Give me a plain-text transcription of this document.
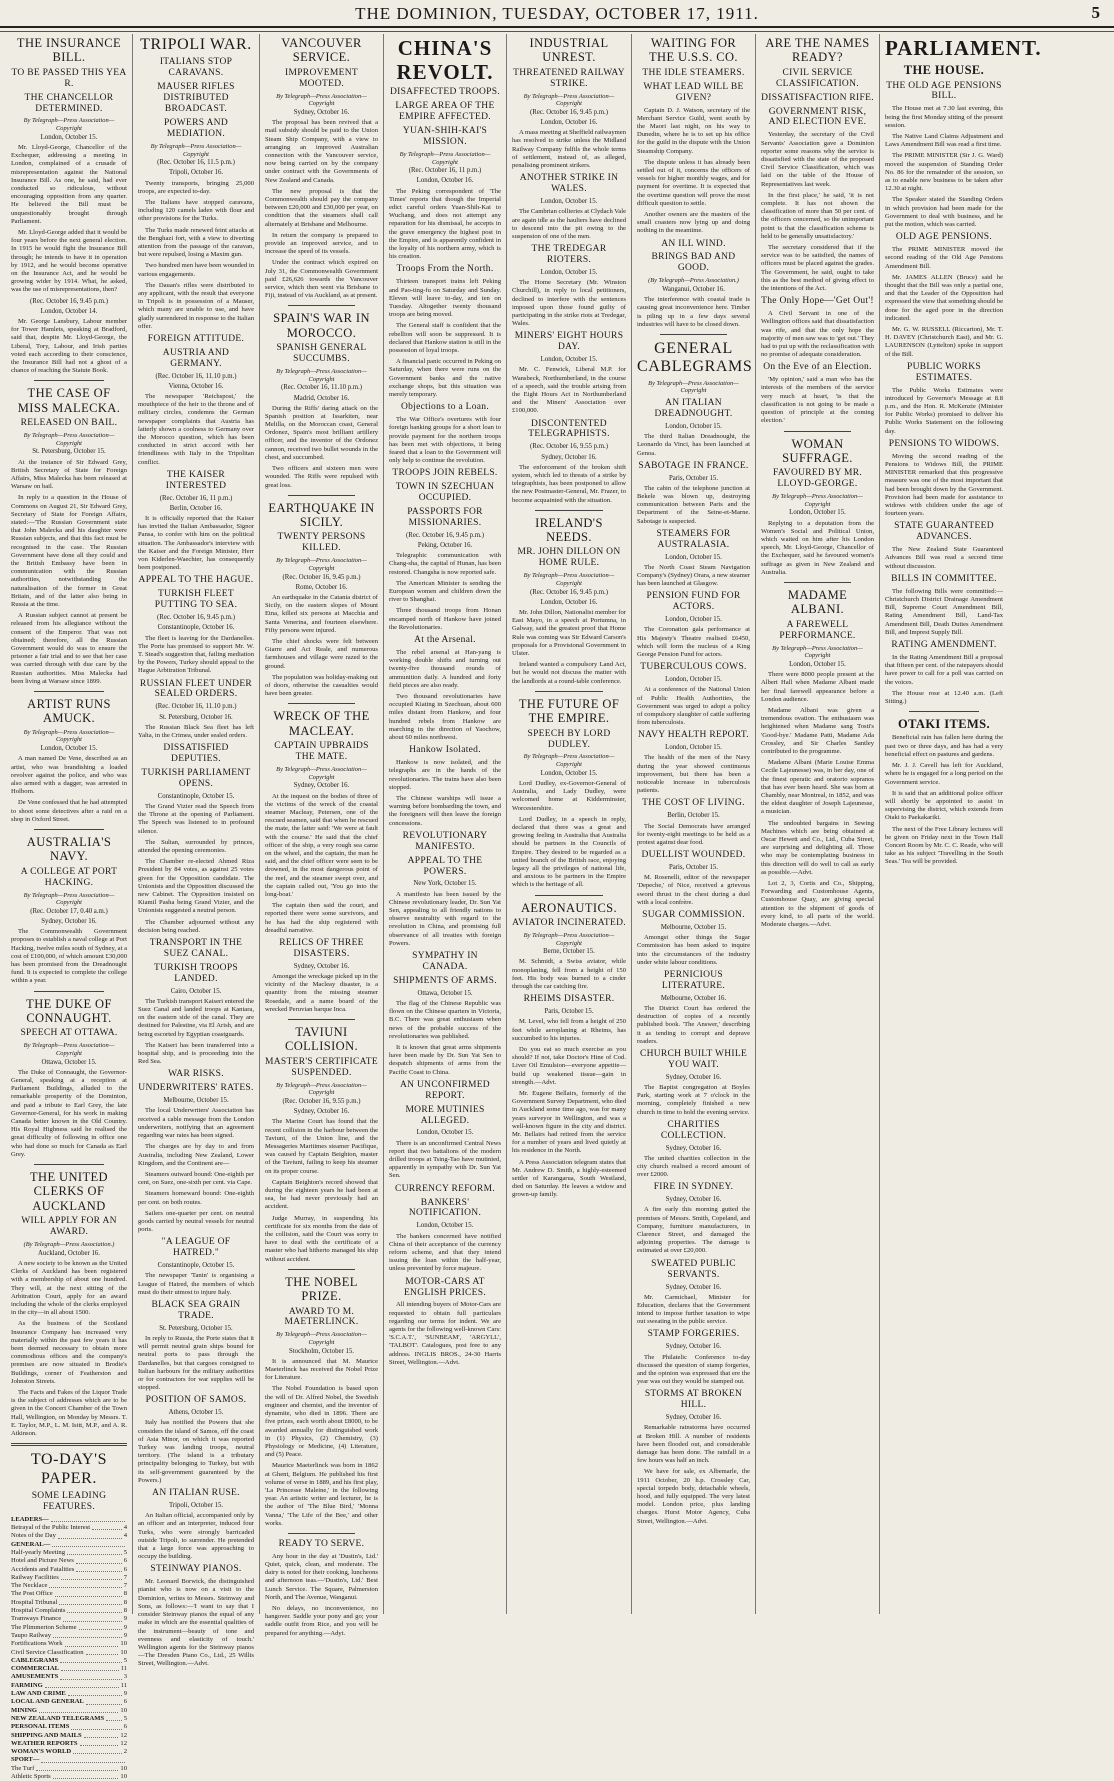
THE DOMINION, TUESDAY, OCTOBER 17, 1911.	5
THE INSURANCE BILL.
TO BE PASSED THIS YEA R.
THE CHANCELLOR DETERMINED.
By Telegraph—Press Association—Copyright
London, October 15.
Mr. Lloyd-George, Chancellor of the Exchequer, addressing a meeting in London, complained of a crusade of misrepresentation against the National Insurance Bill. As one, he said, had ever conducted so ridiculous, without encouraging opposition from any quarter. He believed the Bill must be unquestionably brought through Parliament.
Mr. Lloyd-George added that it would be four years before the next general election. In 1915 he would fight the Insurance Bill through; he intends to have it in operation by 1912, and he would become operative on the Insurance Act, and he would be growing wider by 1914. What, he asked, was the use of misrepresentations, then?
(Rec. October 16, 9.45 p.m.)
London, October 14.
Mr. George Lansbury, Labour member for Tower Hamlets, speaking at Bradford, said that, despite Mr. Lloyd-George, the Liberal, Tory, Labour, and Irish parties voted each according to their conscience, the Insurance Bill had not a ghost of a chance of reaching the Statute Book.
THE CASE OF MISS MALECKA.
RELEASED ON BAIL.
By Telegraph—Press Association—Copyright
St. Petersburg, October 15.
At the instance of Sir Edward Grey, British Secretary of State for Foreign Affairs, Miss Malecka has been released at Warsaw on bail.
In reply to a question in the House of Commons on August 21, Sir Edward Grey, Secretary of State for Foreign Affairs, stated:—'The Russian Government state that John Malecka and his daughter were Russian subjects, and that this fact must be recognised in the case. The Russian Government have done all they could and the British Embassy have been in communication with the Russian authorities, notwithstanding the naturalisation of the former in Great Britain, and of the latter also being in Russia at the time.
A Russian subject cannot at present be released from his allegiance without the consent of the Emperor. That was not obtained; therefore, all the Russian Government would do was to ensure the prisoner a fair trial and to see that her case was carried through with due care by the Russian authorities. Miss Malecka had been living at Warsaw since 1899.
ARTIST RUNS AMUCK.
By Telegraph—Press Association—Copyright
London, October 15.
A man named De Vene, described as an artist, who was brandishing a loaded revolver against the police, and who was also armed with a dagger, was arrested in Holborn.
De Vene confessed that he had attempted to shoot some detectives after a raid on a shop in Oxford Street.
AUSTRALIA'S NAVY.
A COLLEGE AT PORT HACKING.
By Telegraph—Press Association—Copyright
(Rec. October 17, 0.40 a.m.)
Sydney, October 16.
The Commonwealth Government proposes to establish a naval college at Port Hacking, twelve miles south of Sydney, at a cost of £100,000, of which amount £30,000 has been promised from the Dreadnought fund. It is expected to complete the college within a year.
THE DUKE OF CONNAUGHT.
SPEECH AT OTTAWA.
By Telegraph—Press Association—Copyright
Ottawa, October 15.
The Duke of Connaught, the Governor-General, speaking at a reception at Parliament Buildings, alluded to the remarkable prosperity of the Dominion, and paid a tribute to Earl Grey, the late Governor-General, for his work in making Canada better known in the Old Country. His Royal Highness said he realised the great difficulty of following in office one who had done so much for Canada as Earl Grey.
THE UNITED CLERKS OF AUCKLAND
WILL APPLY FOR AN AWARD.
(By Telegraph—Press Association.)
Auckland, October 16.
A new society to be known as the United Clerks of Auckland has been registered with a membership of about one hundred. They will, at the next sitting of the Arbitration Court, apply for an award including the whole of the clerks employed in the city—in all about 1500.
As the business of the Scotland Insurance Company has increased very materially within the past few years it has been deemed necessary to obtain more commodious offices and the company's premises are now situated in Brodie's Buildings, corner of Featherston and Johnston Streets.
The Facts and Fakes of the Liquor Trade is the subject of addresses which are to be given in the Concert Chamber of the Town Hall, Wellington, on Monday by Messrs. T. E. Taylor, M.P., L. M. Isitt, M.P., and A. R. Atkinson.
TO-DAY'S PAPER.
SOME LEADING FEATURES.
LEADERS—
Betrayal of the Public Interest	4
Notes of the Day	4
GENERAL—
Half-yearly Meeting	5
Hotel and Picture News	6
Accidents and Fatalities	6
Railway Facilities	7
The Necklace	7
The Post Office	8
Hospital Tribunal	8
Hospital Complaints	8
Tramways Finance	9
The Plimmerton Scheme	9
Taupo Railway	9
Fortifications Work	10
Civil Service Classification	10
CABLEGRAMS	5
COMMERCIAL	11
AMUSEMENTS	3
FARMING	11
LAW AND CRIME	9
LOCAL AND GENERAL	6
MINING	10
NEW ZEALAND TELEGRAMS	5
PERSONAL ITEMS	6
SHIPPING AND MAILS	12
WEATHER REPORTS	12
WOMAN'S WORLD	2
SPORT—
The Turf	10
Athletic Sports	10
TRIPOLI WAR.
ITALIANS STOP CARAVANS.
MAUSER RIFLES DISTRIBUTED BROADCAST.
POWERS AND MEDIATION.
By Telegraph—Press Association—Copyright
(Rec. October 16, 11.5 p.m.)
Tripoli, October 16.
Twenty transports, bringing 25,000 troops, are expected to-day.
The Italians have stopped caravans, including 120 camels laden with flour and other provisions for the Turks.
The Turks made renewed feint attacks at the Benghazi fort, with a view to diverting attention from the passage of the caravan, but were repulsed, losing a Maxim gun.
Two hundred men have been wounded in various engagements.
The Dauan's rifles were distributed to any applicant, with the result that everyone in Tripoli is in possession of a Mauser, which many are unable to use, and have gladly surrendered in response to the Italian offer.
FOREIGN ATTITUDE.
AUSTRIA AND GERMANY.
(Rec. October 16, 11.10 p.m.)
Vienna, October 16.
The newspaper 'Reichspost,' the mouthpiece of the heir to the throne and of military circles, condemns the German newspaper complaints that Austria has latterly shown a coolness to Germany over the Morocco question, which has been conducted in strict accord with her friendliness with Italy in the Tripolitan conflict.
THE KAISER INTERESTED
(Rec. October 16, 11 p.m.)
Berlin, October 16.
It is officially reported that the Kaiser has invited the Italian Ambassador, Signor Pansa, to confer with him on the political situation. The Ambassador's interview with the Kaiser and the Foreign Minister, Herr von Kiderlen-Waechter, has consequently been postponed.
APPEAL TO THE HAGUE.
TURKISH FLEET PUTTING TO SEA.
(Rec. October 16, 9.45 p.m.)
Constantinople, October 16.
The fleet is leaving for the Dardanelles. The Porte has promised to support Mr. W. T. Stead's suggestion that, failing mediation by the Powers, Turkey should appeal to the Hague Arbitration Tribunal.
RUSSIAN FLEET UNDER SEALED ORDERS.
(Rec. October 16, 11.10 p.m.)
St. Petersburg, October 16.
The Russian Black Sea fleet has left Yalta, in the Crimea, under sealed orders.
DISSATISFIED DEPUTIES.
TURKISH PARLIAMENT OPENS.
Constantinople, October 15.
The Grand Vizier read the Speech from the Throne at the opening of Parliament. The Speech was listened to in profound silence.
The Sultan, surrounded by princes, attended the opening ceremonies.
The Chamber re-elected Ahmed Riza President by 84 votes, as against 25 votes given for the Opposition candidate. The Unionists and the Opposition discussed the new Cabinet. The Opposition insisted on Kiamil Pasha being Grand Vizier, and the Unionists suggested a neutral person.
The Chamber adjourned without any decision being reached.
TRANSPORT IN THE SUEZ CANAL.
TURKISH TROOPS LANDED.
Cairo, October 15.
The Turkish transport Kaiseri entered the Suez Canal and landed troops at Kantara, on the eastern side of the canal. They are destined for Palestine, via El Arish, and are being escorted by Egyptian coastguards.
The Kaiseri has been transferred into a hospital ship, and is proceeding into the Red Sea.
WAR RISKS.
UNDERWRITERS' RATES.
Melbourne, October 15.
The local Underwriters' Association has received a cable message from the London underwriters, notifying that an agreement regarding war rates has been signed.
The charges are by day to and from Australia, including New Zealand, Lower Kingdom, and the Continent are—
Steamers outward bound: One-eighth per cent, on Suez, one-sixth per cent. via Cape.
Steamers homeward bound: One-eighth per cent. on both routes.
Sailers one-quarter per cent. on neutral goods carried by neutral vessels for neutral ports.
"A LEAGUE OF HATRED."
Constantinople, October 15.
The newspaper 'Tanin' is organising a League of Hatred, the members of which must do their utmost to injure Italy.
BLACK SEA GRAIN TRADE.
St. Petersburg, October 15.
In reply to Russia, the Porte states that it will permit neutral grain ships bound for neutral ports to pass through the Dardanelles, but that cargoes consigned to Italian harbours for the military authorities or for contractors for war supplies will be stopped.
POSITION OF SAMOS.
Athens, October 15.
Italy has notified the Powers that she considers the island of Samos, off the coast of Asia Minor, on which it was reported Turkey was landing troops, neutral territory. (The island is a tributary principality belonging to Turkey, but with its self-government guaranteed by the Powers.)
AN ITALIAN RUSE.
Tripoli, October 15.
An Italian official, accompanied only by an officer and an interpreter, induced four Turks, who were strongly barricaded outside Tripoli, to surrender. He pretended that a large force was approaching to occupy the building.
STEINWAY PIANOS.
Mr. Leonard Borwick, the distinguished pianist who is now on a visit to the Dominion, writes to Messrs. Steinway and Sons, as follows:—'I want to say that I consider Steinway pianos the equal of any make in which are the essential qualities of the instrument—beauty of tone and evenness and elasticity of touch.' Wellington agents for the Steinway pianos—The Dresden Piano Co., Ltd., 25 Willis Street, Wellington.—Advt.
VANCOUVER SERVICE.
IMPROVEMENT MOOTED.
By Telegraph—Press Association—Copyright
Sydney, October 16.
The proposal has been revived that a mail subsidy should be paid to the Union Steam Ship Company, with a view to arranging an improved Australian connection with the Vancouver service, now being carried on by the company under contract with the Governments of New Zealand and Canada.
The new proposal is that the Commonwealth should pay the company between £20,000 and £30,000 per year, on condition that the steamers shall call alternately at Brisbane and Melbourne.
In return the company is prepared to provide an improved service, and to increase the speed of its vessels.
Under the contract which expired on July 31, the Commonwealth Government paid £26,626 towards the Vancouver service, which then went via Brisbane to Fiji, instead of via Auckland, as at present.
SPAIN'S WAR IN MOROCCO.
SPANISH GENERAL SUCCUMBS.
By Telegraph—Press Association—Copyright
(Rec. October 16, 11.10 p.m.)
Madrid, October 16.
During the Riffs' daring attack on the Spanish position at Issarkiten, near Melilla, on the Moroccan coast, General Ordonez, Spain's most brilliant artillery officer, and the inventor of the Ordonez cannon, received two bullet wounds in the chest, and succumbed.
Two officers and sixteen men were wounded. The Riffs were repulsed with great loss.
EARTHQUAKE IN SICILY.
TWENTY PERSONS KILLED.
By Telegraph—Press Association—Copyright
(Rec. October 16, 9.45 p.m.)
Rome, October 16.
An earthquake in the Catania district of Sicily, on the eastern slopes of Mount Etna, killed six persons at Macchia and Santa Venerina, and fourteen elsewhere. Fifty persons were injured.
The chief shocks were felt between Giarre and Aci Reale, and numerous farmhouses and village were razed to the ground.
The population was holiday-making out of doors, otherwise the casualties would have been greater.
WRECK OF THE MACLEAY.
CAPTAIN UPBRAIDS THE MATE.
By Telegraph—Press Association—Copyright
Sydney, October 16.
At the inquest on the bodies of three of the victims of the wreck of the coastal steamer Macleay, Petersen, one of the rescued seamen, said that when he rescued the mate, the latter said: 'We were at fault with the course.' He said that the chief officer of the ship, a very rough sea came on the wheel, and the captain, the man he said, and the chief officer were seen to be drowned, in the most dangerous point of the reef, and the steamer swept over, and the captain called out, 'You go into the long-boat.'
The captain then said the court, and reported there were some survivors, and he has had the ship registered with dreadful narrative.
RELICS OF THREE DISASTERS.
Sydney, October 16.
Amongst the wreckage picked up in the vicinity of the Macleay disaster, is a quantity from the missing steamer Rosedale, and a name board of the wrecked Peruvian barque Inca.
TAVIUNI COLLISION.
MASTER'S CERTIFICATE SUSPENDED.
By Telegraph—Press Association—Copyright
(Rec. October 16, 9.55 p.m.)
Sydney, October 16.
The Marine Court has found that the recent collision in the harbour between the Taviuni, of the Union line, and the Messageries Maritimes steamer Pacifique, was caused by Captain Beighton, master of the Taviuni, failing to keep his steamer on its proper course.
Captain Beighton's record showed that during the eighteen years he had been at sea, he had never previously had an accident.
Judge Murray, in suspending his certificate for six months from the date of the collision, said the Court was sorry to have to deal with the certificate of a master who had hitherto managed his ship without accident.
THE NOBEL PRIZE.
AWARD TO M. MAETERLINCK.
By Telegraph—Press Association—Copyright
Stockholm, October 15.
It is announced that M. Maurice Maeterlinck has received the Nobel Prize for Literature.
The Nobel Foundation is based upon the will of Dr. Alfred Nobel, the Swedish engineer and chemist, and the inventor of dynamite, who died in 1896. There are five prizes, each worth about £8000, to be awarded annually for distinguished work in (1) Physics, (2) Chemistry, (3) Physiology or Medicine, (4) Literature, and (5) Peace.
Maurice Maeterlinck was born in 1862 at Ghent, Belgium. He published his first volume of verse in 1889, and his first play, 'La Princesse Maleine,' in the following year. An artistic writer and lecturer, he is the author of 'The Blue Bird,' 'Monna Vanna,' 'The Life of the Bee,' and other works.
READY TO SERVE.
Any hour in the day at 'Dustin's, Ltd.' Quiet, quick, clean, and moderate. The dairy is noted for their cooking, luncheons and afternoon teas.—'Dustin's, Ltd.' Best Lunch Service. The Square, Palmerston North, and The Avenue, Wanganui.
No delays, no inconvenience, no hangover. Saddle your pony and go; your saddle outfit from Rice, and you will be prepared for anything.—Adyt.
CHINA'S REVOLT.
DISAFFECTED TROOPS.
LARGE AREA OF THE EMPIRE AFFECTED.
YUAN-SHIH-KAI'S MISSION.
By Telegraph—Press Association—Copyright
(Rec. October 16, 11 p.m.)
London, October 16.
The Peking correspondent of 'The Times' reports that though the Imperial edict careful orders Yuan-Shih-Kai to Wuchang, and does not attempt any reparation for his dismissal, he accepts in the grave emergency the highest post in the Empire, and is apparently confident in the loyalty of his northern army, which is his creation.
Troops From the North.
Thirteen transport trains left Peking and Pao-ting-fu on Saturday and Sunday. Eleven will leave to-day, and ten on Tuesday. Altogether twenty thousand troops are being moved.
The General staff is confident that the rebellion will soon be suppressed. It is declared that Hankow station is still in the possession of loyal troops.
A financial panic occurred in Peking on Saturday, when there were runs on the Government banks and the native exchange shops, but this situation was merely temporary.
Objections to a Loan.
The War Office's overtures with four foreign banking groups for a short loan to provide payment for the northern troops has been met with objections, it being feared that a loan to the Government will only help to continue the revolution.
TROOPS JOIN REBELS.
TOWN IN SZECHUAN OCCUPIED.
PASSPORTS FOR MISSIONARIES.
(Rec. October 16, 9.45 p.m.)
Peking, October 16.
Telegraphic communication with Chang-sha, the capital of Hunan, has been restored. Changsha is now reported safe.
The American Minister is sending the European women and children down the river to Shanghai.
Three thousand troops from Honan encamped north of Hankow have joined the Revolutionaries.
At the Arsenal.
The rebel arsenal at Han-yang is working double shifts and turning out twenty-five thousand rounds of ammunition daily. A hundred and forty field pieces are also ready.
Two thousand revolutionaries have occupied Kiating in Szechuan, about 600 miles distant from Hankow, and four hundred rebels from Hankow are marching in the direction of Yaochow, about 60 miles northwest.
Hankow Isolated.
Hankow is now isolated, and the telegraphs are in the hands of the revolutionaries. The trains have also been stopped.
The Chinese warships will issue a warning before bombarding the town, and the foreigners will then leave the foreign concessions.
REVOLUTIONARY MANIFESTO.
APPEAL TO THE POWERS.
New York, October 15.
A manifesto has been issued by the Chinese revolutionary leader, Dr. Sun Yat Sen, appealing to all friendly nations to observe neutrality with regard to the revolution in China, and promising full observance of all treaties with foreign Powers.
SYMPATHY IN CANADA.
SHIPMENTS OF ARMS.
Ottawa, October 15.
The flag of the Chinese Republic was flown on the Chinese quarters in Victoria, B.C. There was great enthusiasm when news of the probable success of the revolutionaries was published.
It is known that great arms shipments have been made by Dr. Sun Yat Sen to despatch shipments of arms from the Pacific Coast to China.
AN UNCONFIRMED REPORT.
MORE MUTINIES ALLEGED.
London, October 15.
There is an unconfirmed Central News report that two battalions of the modern drilled troops at Tsing-Tao have mutinied, apparently in sympathy with Dr. Sun Yat Sen.
CURRENCY REFORM.
BANKERS' NOTIFICATION.
London, October 15.
The bankers concerned have notified China of their acceptance of the currency reform scheme, and that they intend issuing the loan within the half-year, unless prevented by force majeure.
MOTOR-CARS AT ENGLISH PRICES.
All intending buyers of Motor-Cars are requested to obtain full particulars regarding our terms for indent. We are agents for the following well-known Cars: 'S.C.A.T.', 'SUNBEAM', 'ARGYLL', 'TALBOT'. Catalogues, post free to any address. INGLIS BROS., 24-30 Harris Street, Wellington.—Advt.
INDUSTRIAL UNREST.
THREATENED RAILWAY STRIKE.
By Telegraph—Press Association—Copyright
(Rec. October 16, 9.45 p.m.)
London, October 16.
A mass meeting at Sheffield railwaymen has resolved to strike unless the Midland Railway Company fulfils the whole terms of settlement, instead of, as alleged, penalising prominent strikers.
ANOTHER STRIKE IN WALES.
London, October 15.
The Cambrian collieries at Clydach Vale are again idle as the hauliers have declined to descend into the pit owing to the suspension of one of the men.
THE TREDEGAR RIOTERS.
London, October 15.
The Home Secretary (Mr. Winston Churchill), in reply to local petitioners, declined to interfere with the sentences imposed upon those found guilty of participating in the strike riots at Tredegar, Wales.
MINERS' EIGHT HOURS DAY.
London, October 15.
Mr. C. Fenwick, Liberal M.P. for Wansbeck, Northumberland, in the course of a speech, said the trouble arising from the Eight Hours Act in Northumberland and the Miners' Association over £100,000.
DISCONTENTED TELEGRAPHISTS.
(Rec. October 16, 9.55 p.m.)
Sydney, October 16.
The enforcement of the broken shift system, which led to threats of a strike by telegraphists, has been postponed to allow the new Postmaster-General, Mr. Frazer, to become acquainted with the situation.
IRELAND'S NEEDS.
MR. JOHN DILLON ON HOME RULE.
By Telegraph—Press Association—Copyright
(Rec. October 16, 9.45 p.m.)
London, October 16.
Mr. John Dillon, Nationalist member for East Mayo, in a speech at Portumna, in Galway, said the greatest proof that Home Rule was coming was Sir Edward Carson's proposals for a Provisional Government in Ulster.
Ireland wanted a compulsory Land Act, but he would not discuss the matter with the landlords at a round-table conference.
THE FUTURE OF THE EMPIRE.
SPEECH BY LORD DUDLEY.
By Telegraph—Press Association—Copyright
London, October 15.
Lord Dudley, ex-Governor-General of Australia, and Lady Dudley, were welcomed home at Kidderminster, Worcestershire.
Lord Dudley, in a speech in reply, declared that there was a great and growing feeling in Australia that Australia should be partners in the Councils of Empire. They desired to be regarded as a united branch of the British race, enjoying legacy all the privileges of national life, and anxious to be partners in the Empire which is the heritage of all.
AERONAUTICS.
AVIATOR INCINERATED.
By Telegraph—Press Association—Copyright
Berne, October 15.
M. Schmidt, a Swiss aviator, while monoplaning, fell from a height of 150 feet. His body was burned to a cinder through the car catching fire.
RHEIMS DISASTER.
Paris, October 15.
M. Level, who fell from a height of 250 feet while aeroplaning at Rheims, has succumbed to his injuries.
Do you eat so much exercise as you should? If not, take Doctor's Hine of Cod. Liver Oil Emulsion—everyone appetite—build up weakened tissue—gain in strength.—Advt.
Mr. Eugene Bellairs, formerly of the Government Survey Department, who died in Auckland some time ago, was for many years surveyor in Wellington, and was a well-known figure in the city and district. Mr. Bellairs had retired from the service for a number of years and lived quietly at his residence in the North.
A Press Association telegram states that Mr. Andrew D. Smith, a highly-esteemed settler of Karangarua, South Westland, died on Saturday. He leaves a widow and grown-up family.
WAITING FOR THE U.S.S. CO.
THE IDLE STEAMERS.
WHAT LEAD WILL BE GIVEN?
Captain D. J. Watson, secretary of the Merchant Service Guild, went south by the Maori last night, on his way to Dunedin, where he is to set up his office for the guild in the dispute with the Union Steamship Company.
The dispute unless it has already been settled out of it, concerns the officers of vessels for higher monthly wages, and for payment for overtime. It is expected that the overtime question will prove the most difficult question to settle.
Another owners are the masters of the small coasters now lying up and doing nothing in the meantime.
AN ILL WIND.
BRINGS BAD AND GOOD.
(By Telegraph—Press Association.)
Wanganui, October 16.
The interference with coastal trade is causing great inconvenience here. Timber is piling up in a few days several industries will have to be closed down.
GENERAL CABLEGRAMS
By Telegraph—Press Association—Copyright
AN ITALIAN DREADNOUGHT.
London, October 15.
The third Italian Dreadnought, the Leonardo da Vinci, has been launched at Genoa.
SABOTAGE IN FRANCE.
Paris, October 15.
The cabin of the telephone junction at Bekele was blown up, destroying communication between Paris and the Department of the Seine-et-Marne. Sabotage is suspected.
STEAMERS FOR AUSTRALASIA.
London, October 15.
The North Coast Steam Navigation Company's (Sydney) Orara, a new steamer has been launched at Glasgow.
PENSION FUND FOR ACTORS.
London, October 15.
The Coronation gala performance at His Majesty's Theatre realised £6450, which will form the nucleus of a King George Pension Fund for actors.
TUBERCULOUS COWS.
London, October 15.
At a conference of the National Union of Public Health Authorities, the Government was urged to adopt a policy of compulsory slaughter of cattle suffering from tuberculosis.
NAVY HEALTH REPORT.
London, October 15.
The health of the men of the Navy during the year showed continuous improvement, but there has been a noticeable increase in tuberculosis patients.
THE COST OF LIVING.
Berlin, October 15.
The Social Democrats have arranged for twenty-eight meetings to be held as a protest against dear food.
DUELLIST WOUNDED.
Paris, October 15.
M. Rosenelli, editor of the newspaper 'Depeche,' of Nice, received a grievous sword thrust in the chest during a duel with a local confrère.
SUGAR COMMISSION.
Melbourne, October 15.
Amongst other things the Sugar Commission has been asked to inquire into the circumstances of the industry under white labour conditions.
PERNICIOUS LITERATURE.
Melbourne, October 16.
The District Court has ordered the destruction of copies of a recently published book. 'The Answer,' describing it as tending to corrupt and deprave readers.
CHURCH BUILT WHILE YOU WAIT.
Sydney, October 16.
The Baptist congregation at Boyles Park, starting work at 7 o'clock in the morning, completely finished a new church in time to hold the evening service.
CHARITIES COLLECTION.
Sydney, October 16.
The united charities collection in the city church realised a record amount of over £2000.
FIRE IN SYDNEY.
Sydney, October 16.
A fire early this morning gutted the premises of Messrs. Smith, Copeland, and Company, furniture manufacturers, in Clarence Street, and damaged the adjoining properties. The damage is estimated at over £20,000.
SWEATED PUBLIC SERVANTS.
Sydney, October 16.
Mr. Carmichael, Minister for Education, declares that the Government intend to impose further taxation to wipe out sweating in the public service.
STAMP FORGERIES.
Sydney, October 16.
The Philatelic Conference to-day discussed the question of stamp forgeries, and the opinion was expressed that ere the year was out they would be stamped out.
STORMS AT BROKEN HILL.
Sydney, October 16.
Remarkable rainstorms have occurred at Broken Hill. A number of residents have been flooded out, and considerable damage has been done. The rainfall in a few hours was half an inch.
We have for sale, ex Albemarle, the 1911 October, 20 h.p. Crossley Car, special torpedo body, detachable wheels, hood, and fully equipped. The very latest model. London price, plus landing charges. Hurst Motor Agency, Cuba Street, Wellington.—Advt.
ARE THE NAMES READY?
CIVIL SERVICE CLASSIFICATION.
DISSATISFACTION RIFE.
GOVERNMENT RISK, AND ELECTION EVE.
Yesterday, the secretary of the Civil Servants' Association gave a Dominion reporter some reasons why the service is dissatisfied with the state of the proposed Civil Service Classification, which was laid on the table of the House of Representatives last week.
In the first place,' he said, 'it is not complete. It has not shown the classification of more than 50 per cent. of the officers concerned, so the unimportant point is that the classification scheme is held to be generally unsatisfactory.'
The secretary considered that if the service was to be satisfied, the names of officers must be placed against the grades. The Government, he said, ought to take this as the best method of giving effect to the intentions of the Act.
The Only Hope—'Get Out'!
A Civil Servant in one of the Wellington offices said that dissatisfaction was rife, and that the only hope the majority of men saw was to 'get out.' They had to put up with the reclassification with no promise of adequate consideration.
On the Eve of an Election.
'My opinion,' said a man who has the interests of the members of the service very much at heart, 'is that the classification is not going to be made a question of principle at the coming election.'
WOMAN SUFFRAGE.
FAVOURED BY MR. LLOYD-GEORGE.
By Telegraph—Press Association—Copyright
London, October 15.
Replying to a deputation from the Women's Social and Political Union, which waited on him after his London speech, Mr. Lloyd-George, Chancellor of the Exchequer, said he favoured women's suffrage as given in New Zealand and Australia.
MADAME ALBANI.
A FAREWELL PERFORMANCE.
By Telegraph—Press Association—Copyright
London, October 15.
There were 8000 people present at the Albert Hall when Madame Albani made her final farewell appearance before a London audience.
Madame Albani was given a tremendous ovation. The enthusiasm was heightened when Madame sang Tosti's 'Good-bye.' Madame Patti, Madame Ada Crossley, and Sir Charles Santley contributed to the programme.
Madame Albani (Marie Louise Emma Cecile Lajeunesse) was, in her day, one of the finest operatic and oratorio sopranos that has ever been heard. She was born at Chambly, near Montreal, in 1852, and was the eldest daughter of Joseph Lajeunesse, a musician.
The undoubted bargains in Sewing Machines which are being obtained at Oscar Hewett and Co., Ltd., Cuba Street, are surprising and delighting all. Those who may be contemplating business in this direction will do well to call as early as possible.—Advt.
Lot 2, 3, Cortis and Co., Shipping, Forwarding and Customhouse Agents, Customhouse Quay, are giving special attention to the shipment of goods of every kind, to all parts of the world. Moderate charges.—Advt.
PARLIAMENT.
THE HOUSE.
THE OLD AGE PENSIONS BILL.
The House met at 7.30 last evening, this being the first Monday sitting of the present session.
The Native Land Claims Adjustment and Laws Amendment Bill was read a first time.
The PRIME MINISTER (Sir J. G. Ward) moved the suspension of Standing Order No. 86 for the remainder of the session, so as to enable new business to be taken after 12.30 at night.
The Speaker stated the Standing Orders in which provision had been made for the Government to deal with business, and he put the motion, which was carried.
OLD AGE PENSIONS.
The PRIME MINISTER moved the second reading of the Old Age Pensions Amendment Bill.
Mr. JAMES ALLEN (Bruce) said he thought that the Bill was only a partial one, and that the Leader of the Opposition had expressed the view that something should be done for the aged poor in the direction indicated.
Mr. G. W. RUSSELL (Riccarton), Mr. T. H. DAVEY (Christchurch East), and Mr. G. LAURENSON (Lyttelton) spoke in support of the Bill.
PUBLIC WORKS ESTIMATES.
The Public Works Estimates were introduced by Governor's Message at 8.8 p.m., and the Hon. R. McKenzie (Minister for Public Works) promised to deliver his Public Works Statement on the following day.
PENSIONS TO WIDOWS.
Moving the second reading of the Pensions to Widows Bill, the PRIME MINISTER remarked that this progressive measure was one of the most important that had been brought down by the Government. Provision had been made for assistance to widows with children under the age of fourteen years.
STATE GUARANTEED ADVANCES.
The New Zealand State Guaranteed Advances Bill was read a second time without discussion.
BILLS IN COMMITTEE.
The following Bills were committed:—Christchurch District Drainage Amendment Bill, Supreme Court Amendment Bill, Rating Amendment Bill, Land-Tax Amendment Bill, Death Duties Amendment Bill, and Imprest Supply Bill.
RATING AMENDMENT.
In the Rating Amendment Bill a proposal that fifteen per cent. of the ratepayers should have power to call for a poll was carried on the voices.
The House rose at 12.40 a.m. (Left Sitting.)
OTAKI ITEMS.
Beneficial rain has fallen here during the past two or three days, and has had a very beneficial effect on pastures and gardens.
Mr. J. J. Cavell has left for Auckland, where he is engaged for a long period on the Government service.
It is said that an additional police officer will shortly be appointed to assist in supervising the district, which extends from Otaki to Paekakariki.
The next of the Free Library lectures will be given on Friday next in the Town Hall Concert Room by Mr. C. C. Reade, who will take as his subject 'Travelling in the South Seas.' Tea will be provided.
